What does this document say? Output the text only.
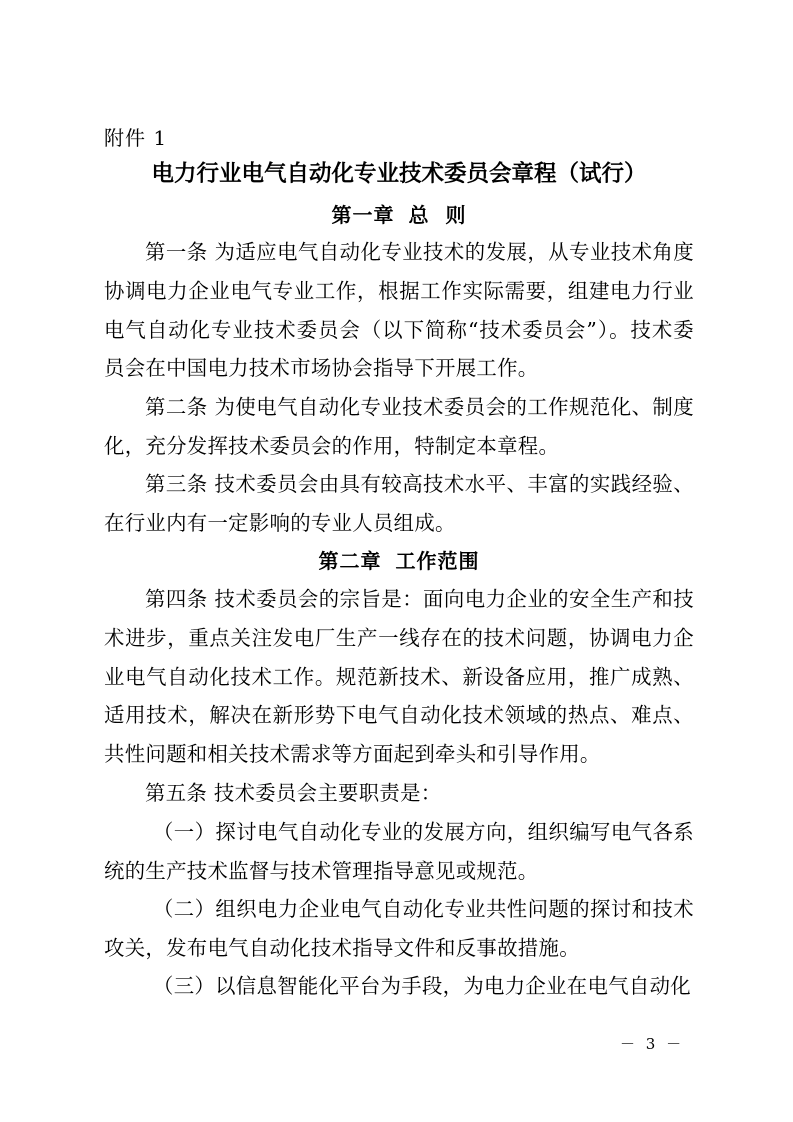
附件 1
电力行业电气自动化专业技术委员会章程（试行）
第一章 总  则
第一条 为适应电气自动化专业技术的发展，从专业技术角度协调电力企业电气专业工作，根据工作实际需要，组建电力行业电气自动化专业技术委员会（以下简称“技术委员会”）。技术委员会在中国电力技术市场协会指导下开展工作。
第二条 为使电气自动化专业技术委员会的工作规范化、制度化，充分发挥技术委员会的作用，特制定本章程。
第三条 技术委员会由具有较高技术水平、丰富的实践经验、在行业内有一定影响的专业人员组成。
第二章 工作范围
第四条 技术委员会的宗旨是：面向电力企业的安全生产和技术进步，重点关注发电厂生产一线存在的技术问题，协调电力企业电气自动化技术工作。规范新技术、新设备应用，推广成熟、适用技术，解决在新形势下电气自动化技术领域的热点、难点、共性问题和相关技术需求等方面起到牵头和引导作用。
第五条 技术委员会主要职责是：
（一）探讨电气自动化专业的发展方向，组织编写电气各系统的生产技术监督与技术管理指导意见或规范。
（二）组织电力企业电气自动化专业共性问题的探讨和技术攻关，发布电气自动化技术指导文件和反事故措施。
（三）以信息智能化平台为手段，为电力企业在电气自动化
－ 3 －
